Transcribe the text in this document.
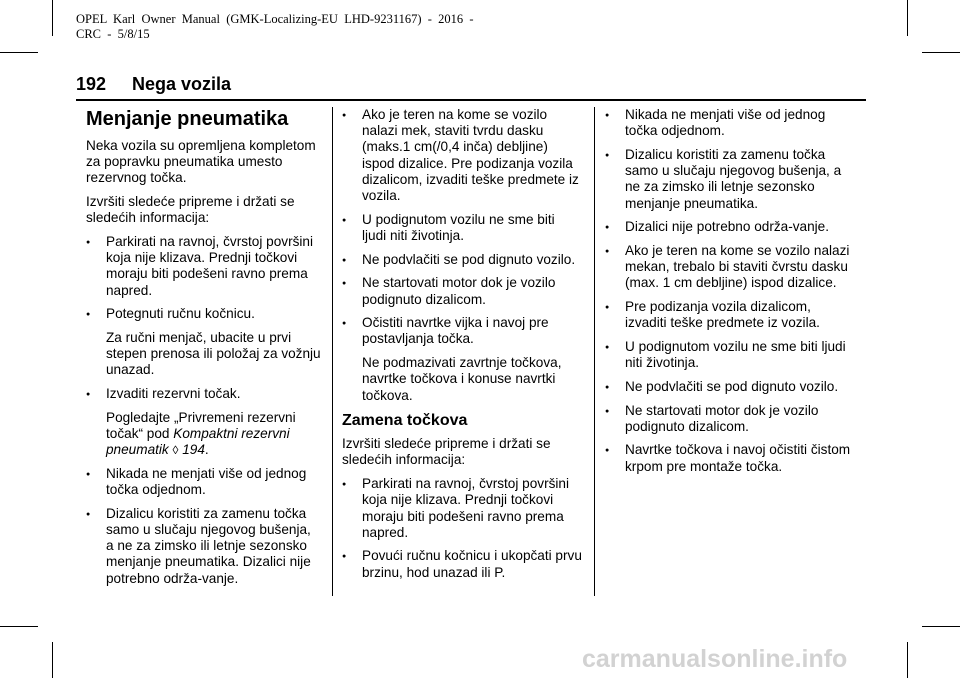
OPEL  Karl  Owner  Manual  (GMK-Localizing-EU  LHD-9231167)  -  2016  -
CRC  -  5/8/15
192 Nega vozila
Menjanje pneumatika

Neka vozila su opremljena kompletom za popravku pneumatika umesto rezervnog točka.

Izvršiti sledeće pripreme i držati se sledećih informacija:

● Parkirati na ravnoj, čvrstoj površini koja nije klizava. Prednji točkovi moraju biti podešeni ravno prema napred.
● Potegnuti ručnu kočnicu.
Za ručni menjač, ubacite u prvi stepen prenosa ili položaj za vožnju unazad.
● Izvaditi rezervni točak.
Pogledajte „Privremeni rezervni točak“ pod Kompaktni rezervni pneumatik ◊ 194.
● Nikada ne menjati više od jednog točka odjednom.
● Dizalicu koristiti za zamenu točka samo u slučaju njegovog bušenja, a ne za zimsko ili letnje sezonsko menjanje pneumatika. Dizalici nije potrebno održa-vanje.
● Ako je teren na kome se vozilo nalazi mek, staviti tvrdu dasku (maks.1 cm(/0,4 inča) debljine) ispod dizalice. Pre podizanja vozila dizalicom, izvaditi teške predmete iz vozila.
● U podignutom vozilu ne sme biti ljudi niti životinja.
● Ne podvlačiti se pod dignuto vozilo.
● Ne startovati motor dok je vozilo podignuto dizalicom.
● Očistiti navrtke vijka i navoj pre postavljanja točka.
Ne podmazivati zavrtnje točkova, navrtke točkova i konuse navrtki točkova.
Zamena točkova

Izvršiti sledeće pripreme i držati se sledećih informacija:

● Parkirati na ravnoj, čvrstoj površini koja nije klizava. Prednji točkovi moraju biti podešeni ravno prema napred.
● Povući ručnu kočnicu i ukopčati prvu brzinu, hod unazad ili P.
● Nikada ne menjati više od jednog točka odjednom.
● Dizalicu koristiti za zamenu točka samo u slučaju njegovog bušenja, a ne za zimsko ili letnje sezonsko menjanje pneumatika.
● Dizalici nije potrebno održa-vanje.
● Ako je teren na kome se vozilo nalazi mekan, trebalo bi staviti čvrstu dasku (max. 1 cm debljine) ispod dizalice.
● Pre podizanja vozila dizalicom, izvaditi teške predmete iz vozila.
● U podignutom vozilu ne sme biti ljudi niti životinja.
● Ne podvlačiti se pod dignuto vozilo.
● Ne startovati motor dok je vozilo podignuto dizalicom.
● Navrtke točkova i navoj očistiti čistom krpom pre montaže točka.
carmanualsonline.info
